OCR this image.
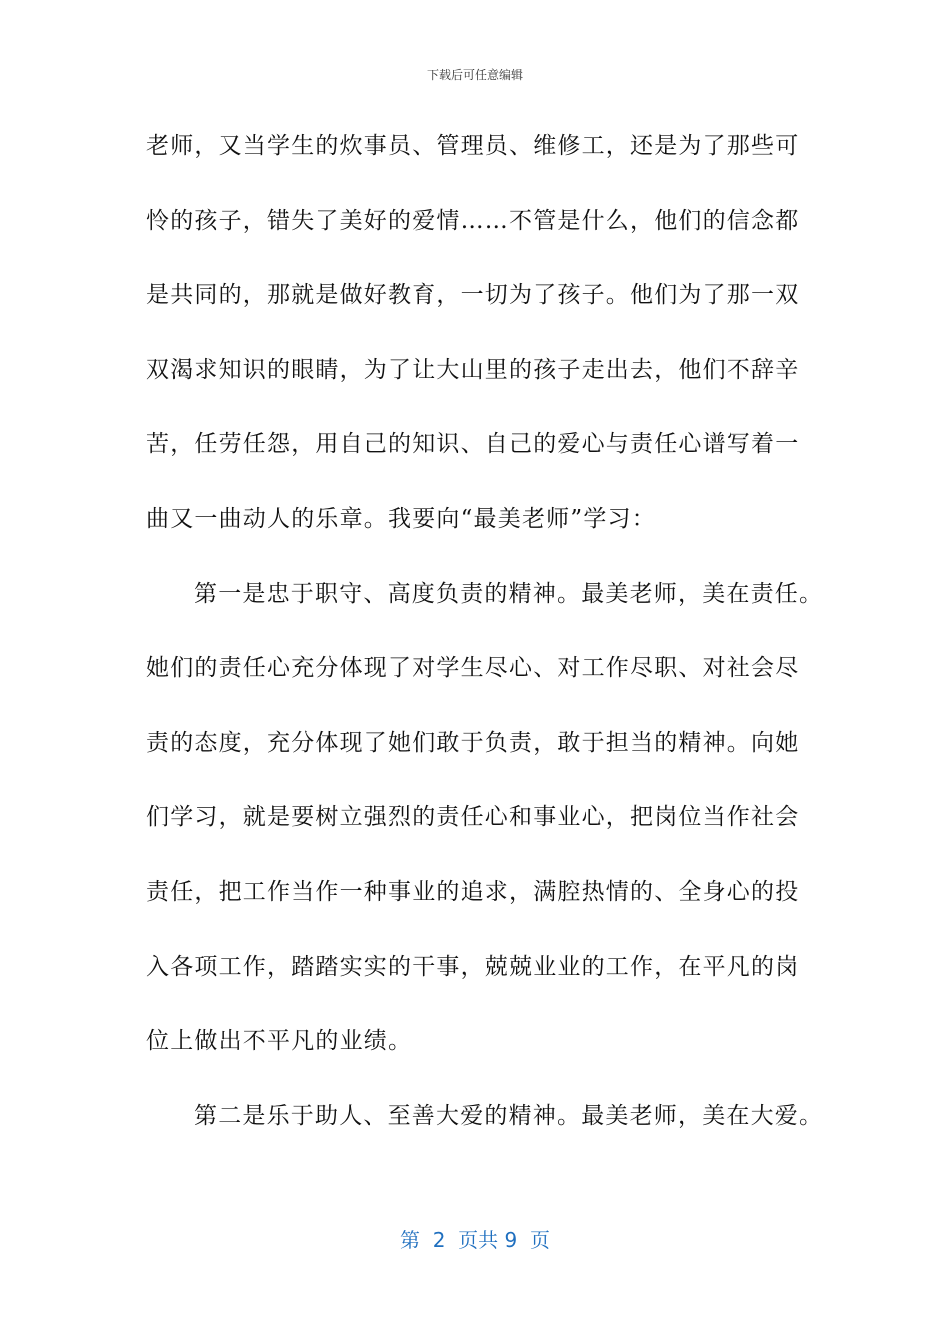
下载后可任意编辑
老师，又当学生的炊事员、管理员、维修工，还是为了那些可
怜的孩子，错失了美好的爱情……不管是什么，他们的信念都
是共同的，那就是做好教育，一切为了孩子。他们为了那一双
双渴求知识的眼睛，为了让大山里的孩子走出去，他们不辞辛
苦，任劳任怨，用自己的知识、自己的爱心与责任心谱写着一
曲又一曲动人的乐章。我要向“最美老师”学习：
第一是忠于职守、高度负责的精神。最美老师，美在责任。
她们的责任心充分体现了对学生尽心、对工作尽职、对社会尽
责的态度，充分体现了她们敢于负责，敢于担当的精神。向她
们学习，就是要树立强烈的责任心和事业心，把岗位当作社会
责任，把工作当作一种事业的追求，满腔热情的、全身心的投
入各项工作，踏踏实实的干事，兢兢业业的工作，在平凡的岗
位上做出不平凡的业绩。
第二是乐于助人、至善大爱的精神。最美老师，美在大爱。
第  2  页共 9  页
